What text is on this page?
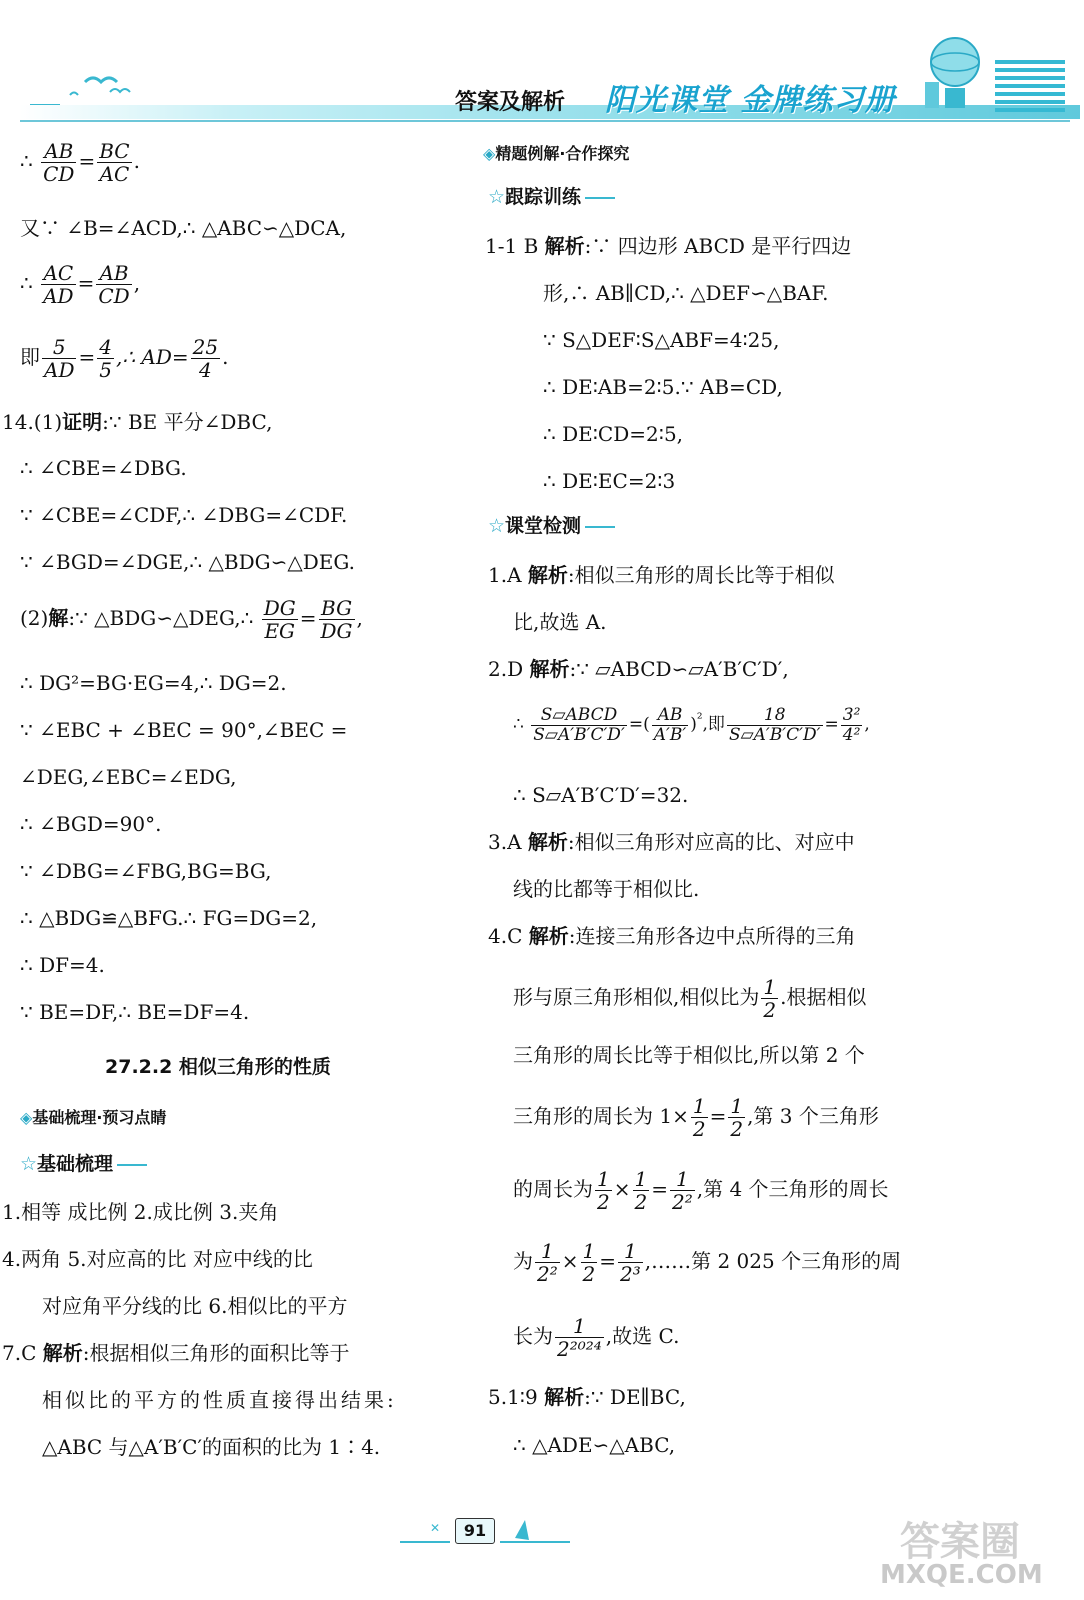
答案及解析 阳光课堂 金牌练习册
∴ $\frac{AB}{CD} = \frac{BC}{AC}$ .
又∵ ∠B=∠ACD,∴ △ABC∽△DCA,
∴ $\frac{AC}{AD} = \frac{AB}{CD}$ ,
即 $\frac{5}{AD} = \frac{4}{5}$ ,∴ $AD= \frac{25}{4}$ .
14.(1)证明:∵ BE 平分∠DBC,
∴ ∠CBE=∠DBG.
∵ ∠CBE=∠CDF,∴ ∠DBG=∠CDF.
∵ ∠BGD=∠DGE,∴ △BDG∽△DEG.
(2)解:∵ △BDG∽△DEG,∴ $\frac{DG}{EG} = \frac{BG}{DG}$ ,
∴ DG²=BG·EG=4,∴ DG=2.
∵ ∠EBC + ∠BEC = 90°,∠BEC =
∠DEG,∠EBC=∠EDG,
∴ ∠BGD=90°.
∵ ∠DBG=∠FBG,BG=BG,
∴ △BDG≌△BFG.∴ FG=DG=2,
∴ DF=4.
∵ BE=DF,∴ BE=DF=4.
27.2.2 相似三角形的性质
◈基础梳理·预习点睛
☆基础梳理
1.相等 成比例 2.成比例 3.夹角
4.两角 5.对应高的比 对应中线的比
对应角平分线的比 6.相似比的平方
7.C 解析:根据相似三角形的面积比等于
相似比的平方的性质直接得出结果:
△ABC 与△A′B′C′的面积的比为 1∶4.
◈精题例解·合作探究
☆跟踪训练
1-1 B 解析:∵ 四边形 ABCD 是平行四边
形,∴ AB∥CD,∴ △DEF∽△BAF.
∵ S△DEF∶S△ABF=4∶25,
∴ DE∶AB=2∶5.∵ AB=CD,
∴ DE∶CD=2∶5,
∴ DE∶EC=2∶3
☆课堂检测
1.A 解析:相似三角形的周长比等于相似
比,故选 A.
2.D 解析:∵ ▱ABCD∽▱A′B′C′D′,
∴ $\frac{\text{S▱ABCD}}{S▱A'B'C'D'}$ =( $\frac{AB}{A'B'} )^{^2}$,即 $\frac{18}{S▱A'B'C'D'} = \frac{\text{3²}}{\text{4²}}$ ,
∴ S▱A′B′C′D′=32.
3.A 解析:相似三角形对应高的比、对应中
线的比都等于相似比.
4.C 解析:连接三角形各边中点所得的三角
形与原三角形相似,相似比为 $\frac{1}{2}$ .根据相似
三角形的周长比等于相似比,所以第 2 个
三角形的周长为 $1\times \frac{1}{2} = \frac{1}{2}$ ,第 3 个三角形
的周长为 $\frac{1}{2} \times \frac{1}{2} = \frac{1}{\text{2²}}$ ,第 4 个三角形的周长
为 $\frac{1}{\text{2²}} \times \frac{1}{2} = \frac{1}{\text{2³}}$ ,……第 2 025 个三角形的周
长为 $\frac{1}{\text{2²⁰²⁴}}$ ,故选 C.
5.1∶9 解析:∵ DE∥BC,
∴ △ADE∽△ABC,
✕	91	答案圈
MXQE.COM
